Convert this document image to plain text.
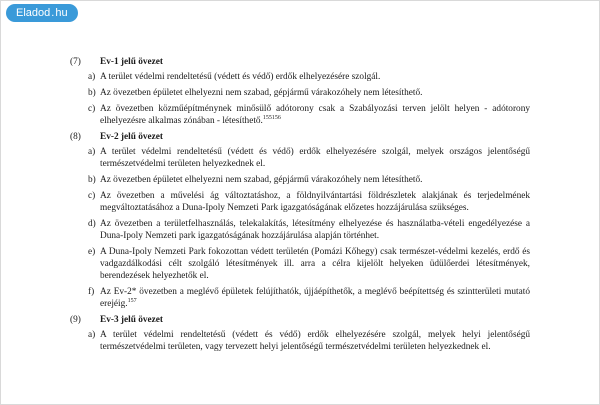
Eladod . hu
(7)	Ev-1 jelű övezet
a) A terület védelmi rendeltetésű (védett és védő) erdők elhelyezésére szolgál.
b) Az övezetben épületet elhelyezni nem szabad, gépjármű várakozóhely nem létesíthető.
c) Az övezetben közműépítménynek minősülő adótorony csak a Szabályozási terven jelölt helyen - adótorony elhelyezésre alkalmas zónában - létesíthető.$^{155156}$
(8)	Ev-2 jelű övezet
a) A terület védelmi rendeltetésű (védett és védő) erdők elhelyezésére szolgál, melyek országos jelentőségű természetvédelmi területen helyezkednek el.
b) Az övezetben épületet elhelyezni nem szabad, gépjármű várakozóhely nem létesíthető.
c) Az övezetben a művelési ág változtatáshoz, a földnyilvántartási földrészletek alakjának és terjedelmének megváltoztatásához a Duna-Ipoly Nemzeti Park igazgatóságának előzetes hozzájárulása szükséges.
d) Az övezetben a területfelhasználás, telekalakítás, létesítmény elhelyezése és használatba-vételi engedélyezése a Duna-Ipoly Nemzeti park igazgatóságának hozzájárulása alapján történhet.
e) A Duna-Ipoly Nemzeti Park fokozottan védett területén (Pomázi Kőhegy) csak természet-védelmi kezelés, erdő és vadgazdálkodási célt szolgáló létesítmények ill. arra a célra kijelölt helyeken üdülőerdei létesítmények, berendezések helyezhetők el.
f) Az Ev-2* övezetben a meglévő épületek felújíthatók, újjáépíthetők, a meglévő beépítettség és szintterületi mutató erejéig.$^{157}$
(9)	Ev-3 jelű övezet
a) A terület védelmi rendeltetésű (védett és védő) erdők elhelyezésére szolgál, melyek helyi jelentőségű természetvédelmi területen, vagy tervezett helyi jelentőségű természetvédelmi területen helyezkednek el.
